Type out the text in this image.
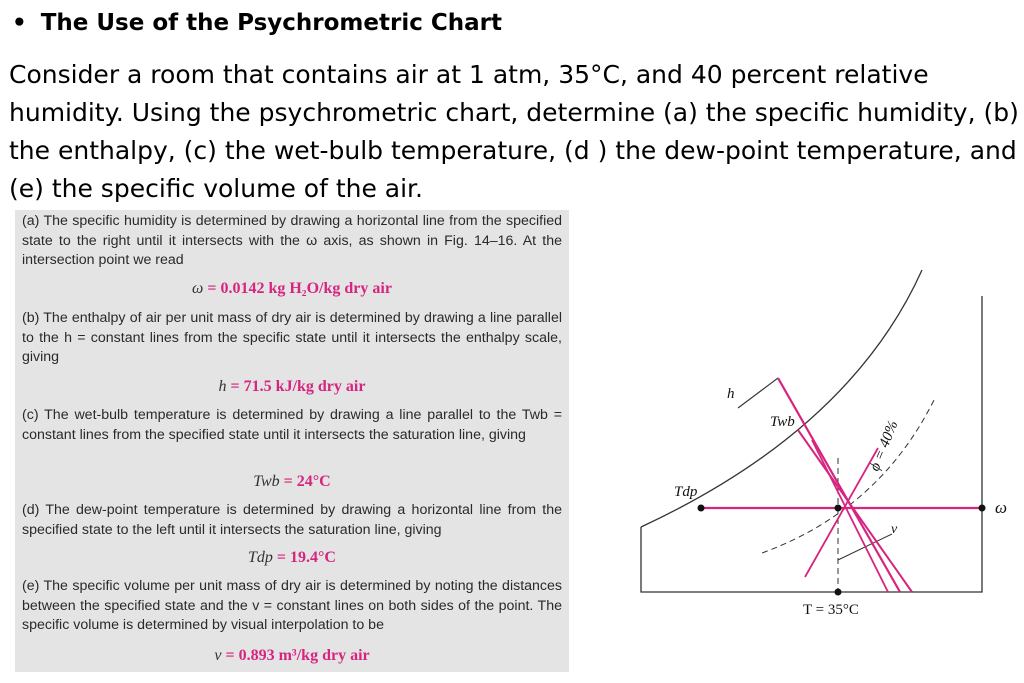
• The Use of the Psychrometric Chart
Consider a room that contains air at 1 atm, 35°C, and 40 percent relative humidity. Using the psychrometric chart, determine (a) the specific humidity, (b) the enthalpy, (c) the wet-bulb temperature, (d ) the dew-point temperature, and (e) the specific volume of the air.
(a) The specific humidity is determined by drawing a horizontal line from the specified state to the right until it intersects with the ω axis, as shown in Fig. 14–16. At the intersection point we read
ω = 0.0142 kg H₂O/kg dry air
(b) The enthalpy of air per unit mass of dry air is determined by drawing a line parallel to the h = constant lines from the specific state until it intersects the enthalpy scale, giving
h = 71.5 kJ/kg dry air
(c) The wet-bulb temperature is determined by drawing a line parallel to the Twb = constant lines from the specified state until it intersects the saturation line, giving
Twb = 24°C
(d) The dew-point temperature is determined by drawing a horizontal line from the specified state to the left until it intersects the saturation line, giving
Tdp = 19.4°C
(e) The specific volume per unit mass of dry air is determined by noting the distances between the specified state and the v = constant lines on both sides of the point. The specific volume is determined by visual interpolation to be
v = 0.893 m³/kg dry air
h
Twb
Tdp
ϕ = 40%
ω
v
T = 35°C
